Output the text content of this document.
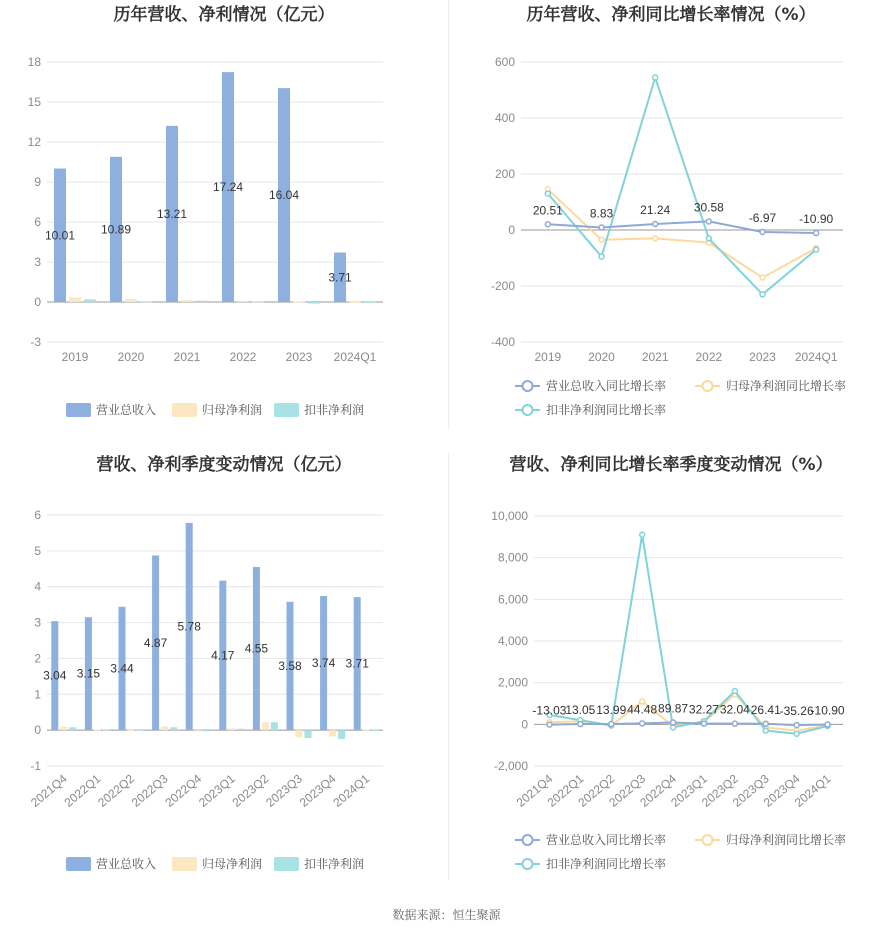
历年营收、净利情况（亿元）
-3
0
3
6
9
12
15
18
10.01 10.89
13.21
17.24
16.04
3.71
2019 2020 2021 2022 2023 2024Q1
营业总收入	归母净利润	扣非净利润
历年营收、净利同比增长率情况（%）
-400
-200
0
200
400
600
20.51
2019
8.83
2020
21.24
2021
30.58
2022
-6.97
2023
-10.90
2024Q1
营业总收入同比增长率	归母净利润同比增长率
扣非净利润同比增长率
营收、净利季度变动情况（亿元）
-1
0
1
2
3
4
5
6
3.04 3.15 3.44
4.87
5.78
4.17 4.55
3.58 3.74 3.71
2021Q4
2022Q1
2022Q2
2022Q3
2022Q4
2023Q1
2023Q2
2023Q3
2023Q4
2024Q1
营业总收入	归母净利润	扣非净利润
营收、净利同比增长率季度变动情况（%）
-2,000
0
2,000
4,000
6,000
8,000
10,000
-13.03
2021Q4
13.05
2022Q1
13.99
2022Q2
44.48
2022Q3
89.87
2022Q4
32.27
2023Q1
32.04
2023Q2
26.41
2023Q3
-35.26
2023Q4
-10.90
2024Q1
营业总收入同比增长率	归母净利润同比增长率
扣非净利润同比增长率
数据来源：恒生聚源
